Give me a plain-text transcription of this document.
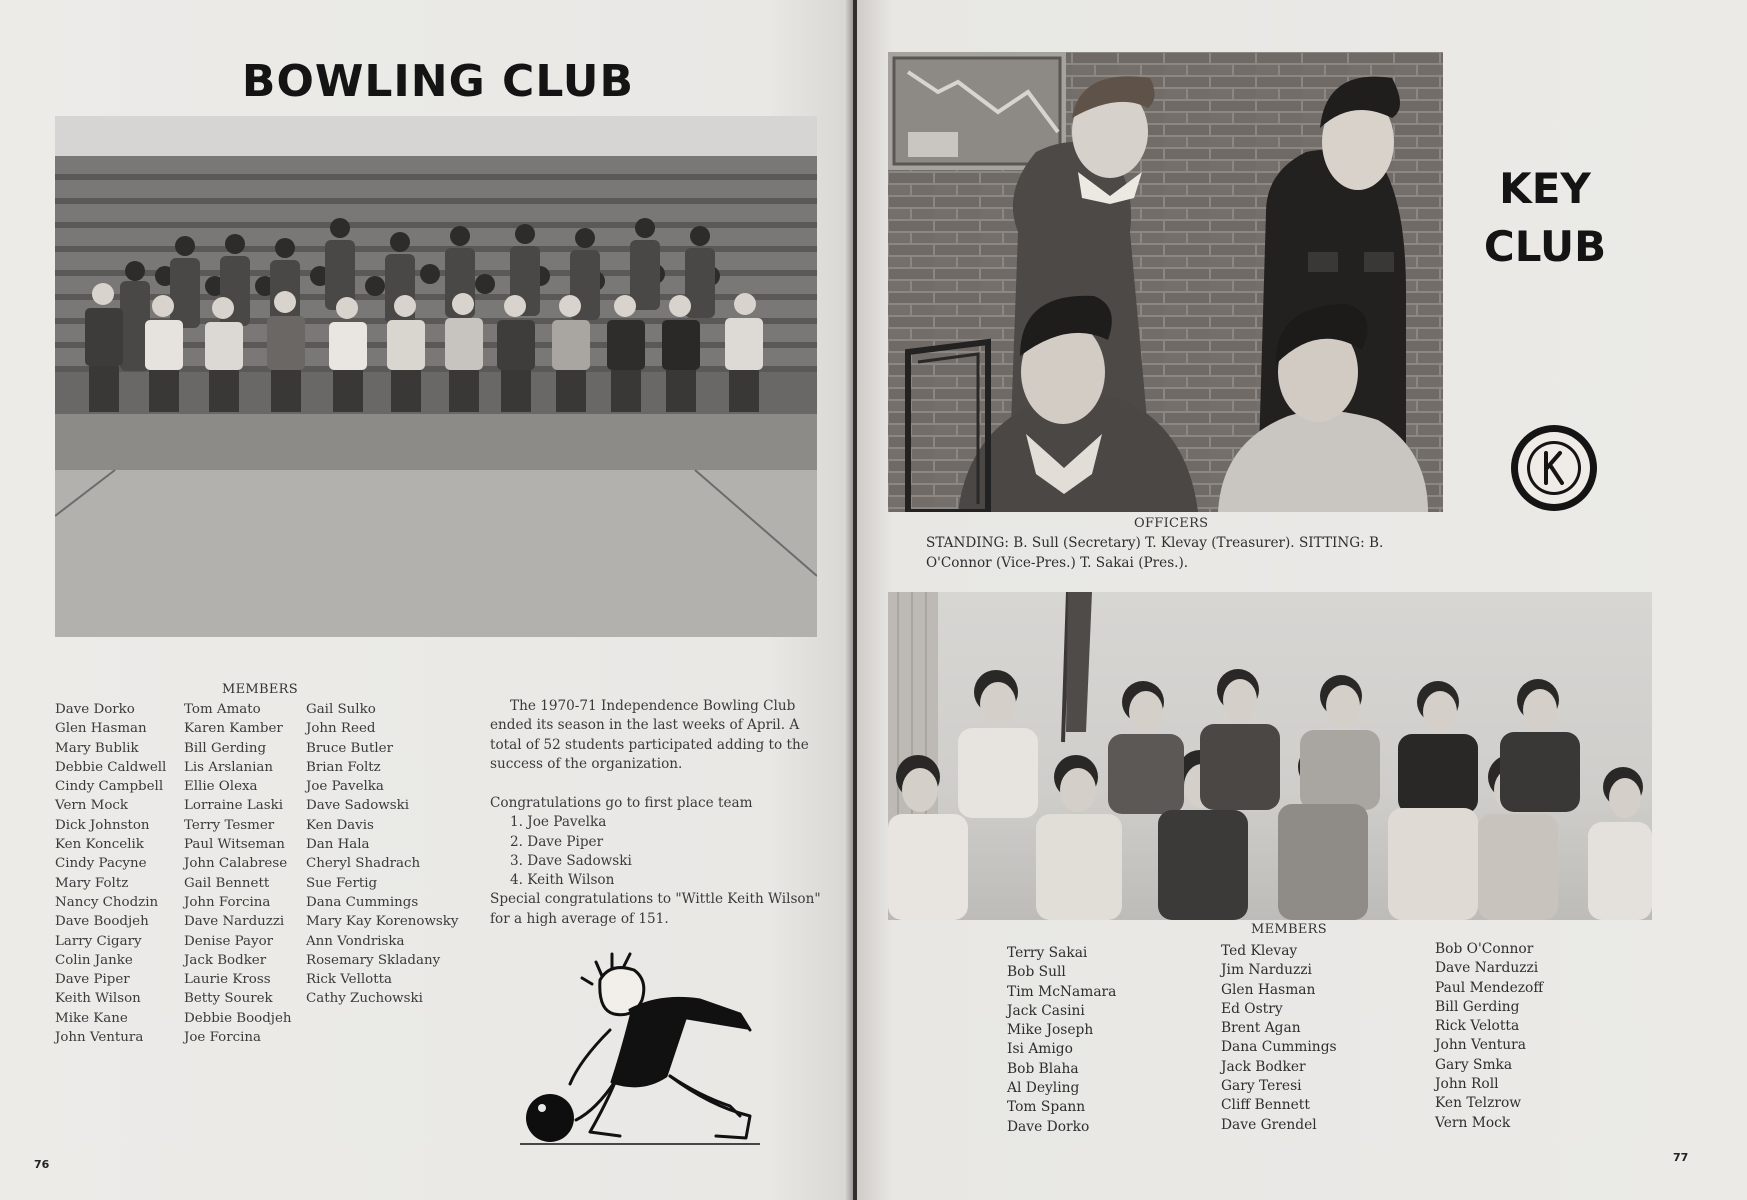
BOWLING CLUB
MEMBERS
Dave Dorko
Glen Hasman
Mary Bublik
Debbie Caldwell
Cindy Campbell
Vern Mock
Dick Johnston
Ken Koncelik
Cindy Pacyne
Mary Foltz
Nancy Chodzin
Dave Boodjeh
Larry Cigary
Colin Janke
Dave Piper
Keith Wilson
Mike Kane
John Ventura
Tom Amato
Karen Kamber
Bill Gerding
Lis Arslanian
Ellie Olexa
Lorraine Laski
Terry Tesmer
Paul Witseman
John Calabrese
Gail Bennett
John Forcina
Dave Narduzzi
Denise Payor
Jack Bodker
Laurie Kross
Betty Sourek
Debbie Boodjeh
Joe Forcina
Gail Sulko
John Reed
Bruce Butler
Brian Foltz
Joe Pavelka
Dave Sadowski
Ken Davis
Dan Hala
Cheryl Shadrach
Sue Fertig
Dana Cummings
Mary Kay Korenowsky
Ann Vondriska
Rosemary Skladany
Rick Vellotta
Cathy Zuchowski
The 1970-71 Independence Bowling Club ended its season in the last weeks of April. A total of 52 students participated adding to the success of the organization.
Congratulations go to first place team
1. Joe Pavelka
2. Dave Piper
3. Dave Sadowski
4. Keith Wilson
Special congratulations to "Wittle Keith Wilson" for a high average of 151.
76
77
KEY
CLUB
OFFICERS
STANDING: B. Sull (Secretary) T. Klevay (Treasurer). SITTING: B.
O'Connor (Vice-Pres.) T. Sakai (Pres.).
MEMBERS
Terry Sakai
Bob Sull
Tim McNamara
Jack Casini
Mike Joseph
Isi Amigo
Bob Blaha
Al Deyling
Tom Spann
Dave Dorko
Ted Klevay
Jim Narduzzi
Glen Hasman
Ed Ostry
Brent Agan
Dana Cummings
Jack Bodker
Gary Teresi
Cliff Bennett
Dave Grendel
Bob O'Connor
Dave Narduzzi
Paul Mendezoff
Bill Gerding
Rick Velotta
John Ventura
Gary Smka
John Roll
Ken Telzrow
Vern Mock
